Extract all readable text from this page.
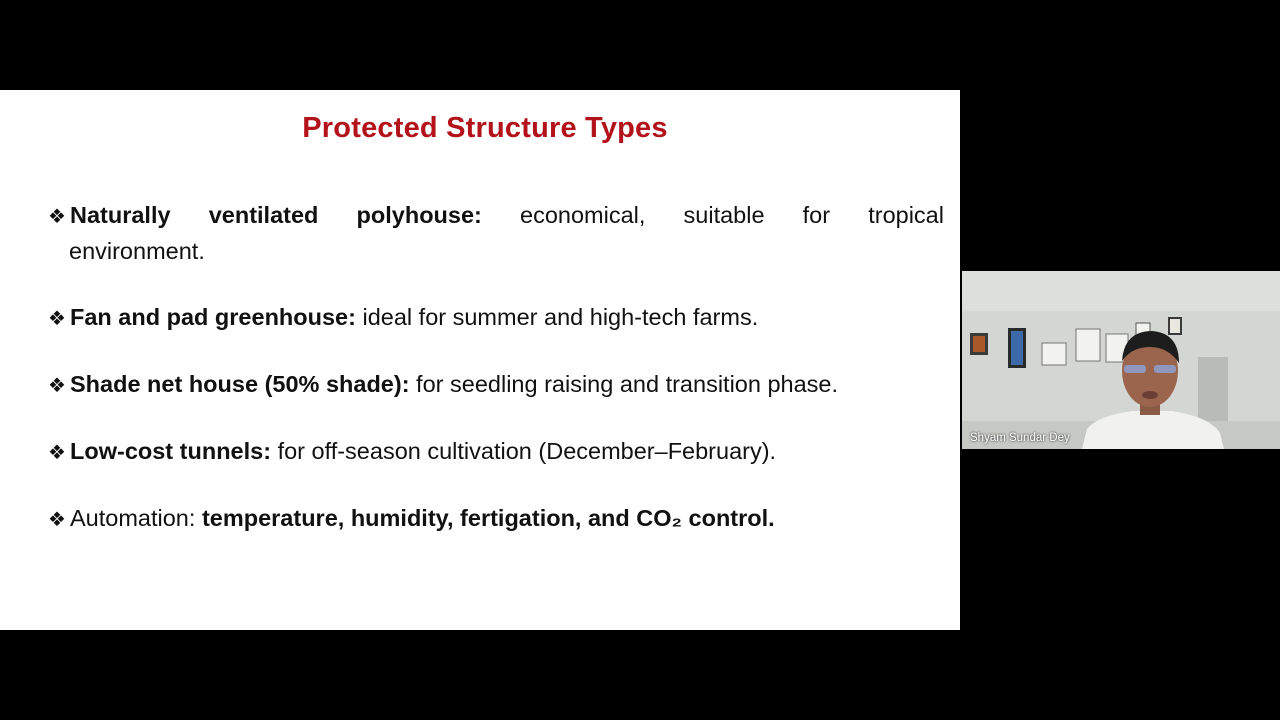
Protected Structure Types
❖ Naturally ventilated polyhouse: economical, suitable for tropical
environment.
❖ Fan and pad greenhouse: ideal for summer and high-tech farms.
❖ Shade net house (50% shade): for seedling raising and transition phase.
❖ Low-cost tunnels: for off-season cultivation (December–February).
❖ Automation: temperature, humidity, fertigation, and CO₂ control.
Shyam Sundar Dey
